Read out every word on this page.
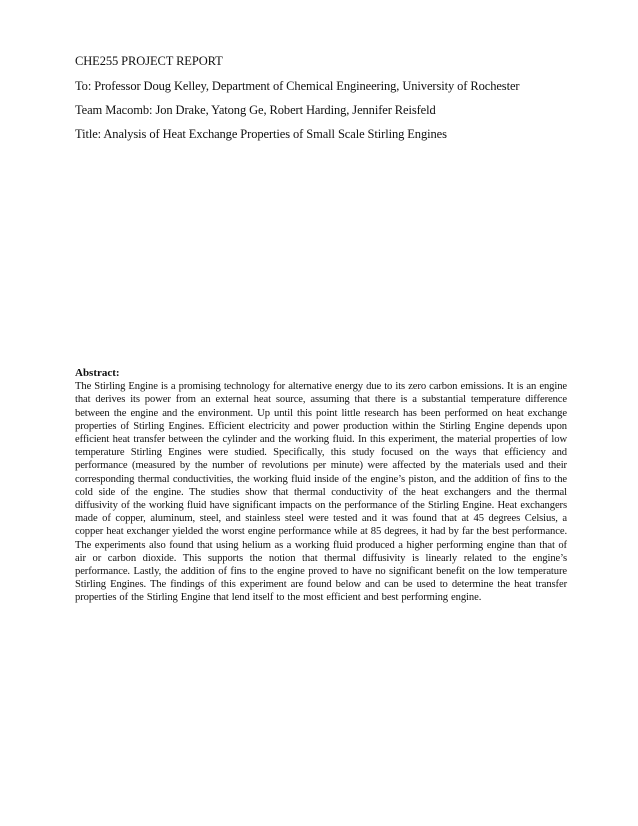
CHE255 PROJECT REPORT
To: Professor Doug Kelley, Department of Chemical Engineering, University of Rochester
Team Macomb: Jon Drake, Yatong Ge, Robert Harding, Jennifer Reisfeld
Title: Analysis of Heat Exchange Properties of Small Scale Stirling Engines
Abstract:
The Stirling Engine is a promising technology for alternative energy due to its zero carbon emissions. It is an engine that derives its power from an external heat source, assuming that there is a substantial temperature difference between the engine and the environment. Up until this point little research has been performed on heat exchange properties of Stirling Engines. Efficient electricity and power production within the Stirling Engine depends upon efficient heat transfer between the cylinder and the working fluid. In this experiment, the material properties of low temperature Stirling Engines were studied. Specifically, this study focused on the ways that efficiency and performance (measured by the number of revolutions per minute) were affected by the materials used and their corresponding thermal conductivities, the working fluid inside of the engine’s piston, and the addition of fins to the cold side of the engine. The studies show that thermal conductivity of the heat exchangers and the thermal diffusivity of the working fluid have significant impacts on the performance of the Stirling Engine. Heat exchangers made of copper, aluminum, steel, and stainless steel were tested and it was found that at 45 degrees Celsius, a copper heat exchanger yielded the worst engine performance while at 85 degrees, it had by far the best performance. The experiments also found that using helium as a working fluid produced a higher performing engine than that of air or carbon dioxide. This supports the notion that thermal diffusivity is linearly related to the engine’s performance. Lastly, the addition of fins to the engine proved to have no significant benefit on the low temperature Stirling Engines. The findings of this experiment are found below and can be used to determine the heat transfer properties of the Stirling Engine that lend itself to the most efficient and best performing engine.
